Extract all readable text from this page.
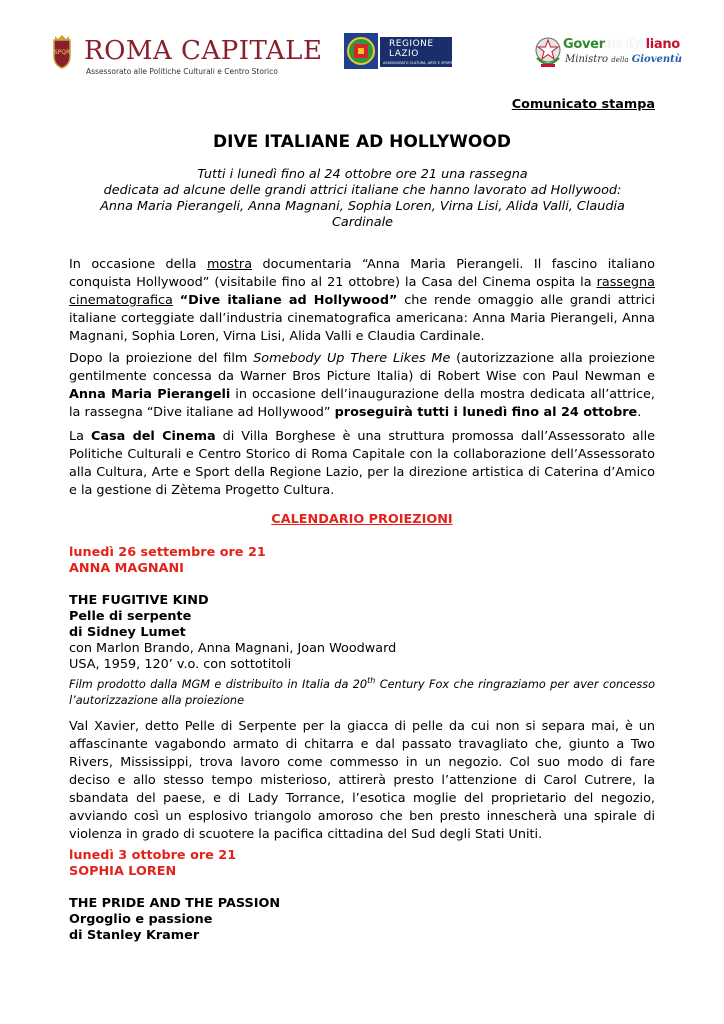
SPQR ROMA CAPITALE
Assessorato alle Politiche Culturali e Centro Storico
REGIONE
LAZIO
ASSESSORATO CULTURA, ARTE E SPORT
Governo Italiano
Ministro della Gioventù
Comunicato stampa
DIVE ITALIANE AD HOLLYWOOD
Tutti i lunedì fino al 24 ottobre ore 21 una rassegna
dedicata ad alcune delle grandi attrici italiane che hanno lavorato ad Hollywood:
Anna Maria Pierangeli, Anna Magnani, Sophia Loren, Virna Lisi, Alida Valli, Claudia Cardinale
In occasione della mostra documentaria “Anna Maria Pierangeli. Il fascino italiano conquista Hollywood” (visitabile fino al 21 ottobre) la Casa del Cinema ospita la rassegna cinematografica “Dive italiane ad Hollywood” che rende omaggio alle grandi attrici italiane corteggiate dall’industria cinematografica americana: Anna Maria Pierangeli, Anna Magnani, Sophia Loren, Virna Lisi, Alida Valli e Claudia Cardinale.
Dopo la proiezione del film Somebody Up There Likes Me (autorizzazione alla proiezione gentilmente concessa da Warner Bros Picture Italia) di Robert Wise con Paul Newman e Anna Maria Pierangeli in occasione dell’inaugurazione della mostra dedicata all’attrice, la rassegna “Dive italiane ad Hollywood” proseguirà tutti i lunedì fino al 24 ottobre.
La Casa del Cinema di Villa Borghese è una struttura promossa dall’Assessorato alle Politiche Culturali e Centro Storico di Roma Capitale con la collaborazione dell’Assessorato alla Cultura, Arte e Sport della Regione Lazio, per la direzione artistica di Caterina d’Amico e la gestione di Zètema Progetto Cultura.
CALENDARIO PROIEZIONI
lunedì 26 settembre ore 21
ANNA MAGNANI
THE FUGITIVE KIND
Pelle di serpente
di Sidney Lumet
con Marlon Brando, Anna Magnani, Joan Woodward
USA, 1959, 120’ v.o. con sottotitoli
Film prodotto dalla MGM e distribuito in Italia da 20th Century Fox che ringraziamo per aver concesso l’autorizzazione alla proiezione
Val Xavier, detto Pelle di Serpente per la giacca di pelle da cui non si separa mai, è un affascinante vagabondo armato di chitarra e dal passato travagliato che, giunto a Two Rivers, Mississippi, trova lavoro come commesso in un negozio. Col suo modo di fare deciso e allo stesso tempo misterioso, attirerà presto l’attenzione di Carol Cutrere, la sbandata del paese, e di Lady Torrance, l’esotica moglie del proprietario del negozio, avviando così un esplosivo triangolo amoroso che ben presto innescherà una spirale di violenza in grado di scuotere la pacifica cittadina del Sud degli Stati Uniti.
lunedì 3 ottobre ore 21
SOPHIA LOREN
THE PRIDE AND THE PASSION
Orgoglio e passione
di Stanley Kramer
